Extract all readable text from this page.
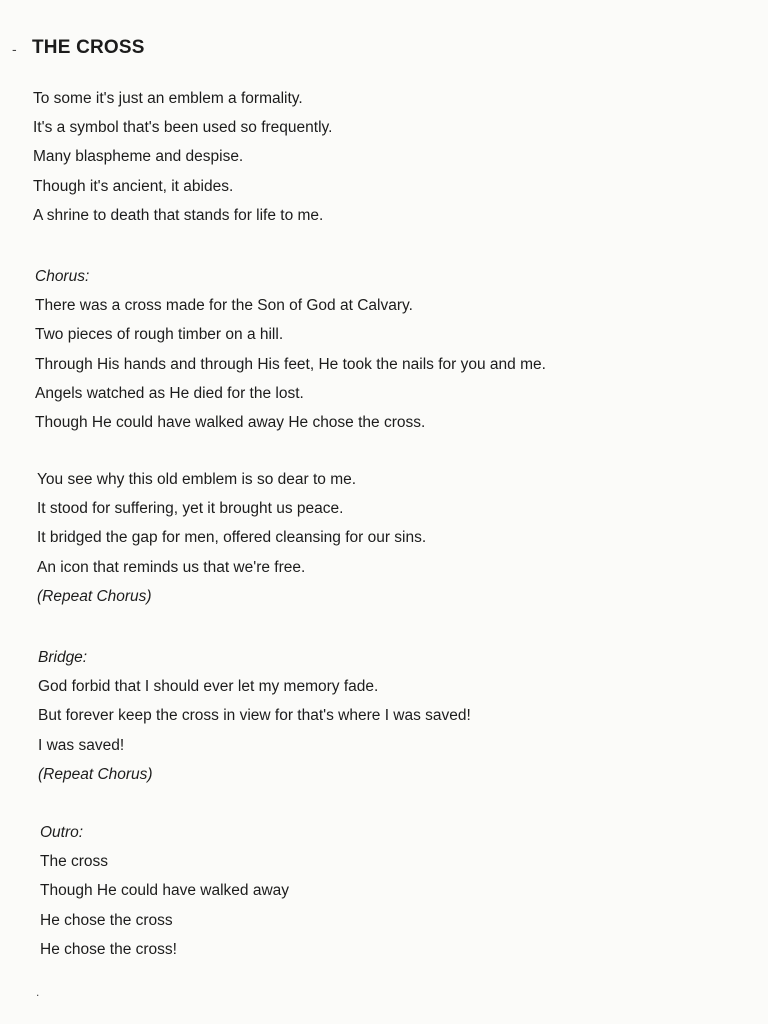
- THE CROSS
To some it's just an emblem a formality.
It's a symbol that's been used so frequently.
Many blaspheme and despise.
Though it's ancient, it abides.
A shrine to death that stands for life to me.
Chorus:
There was a cross made for the Son of God at Calvary.
Two pieces of rough timber on a hill.
Through His hands and through His feet, He took the nails for you and me.
Angels watched as He died for the lost.
Though He could have walked away He chose the cross.
You see why this old emblem is so dear to me.
It stood for suffering, yet it brought us peace.
It bridged the gap for men, offered cleansing for our sins.
An icon that reminds us that we're free.
(Repeat Chorus)
Bridge:
God forbid that I should ever let my memory fade.
But forever keep the cross in view for that's where I was saved!
I was saved!
(Repeat Chorus)
Outro:
The cross
Though He could have walked away
He chose the cross
He chose the cross!
.
